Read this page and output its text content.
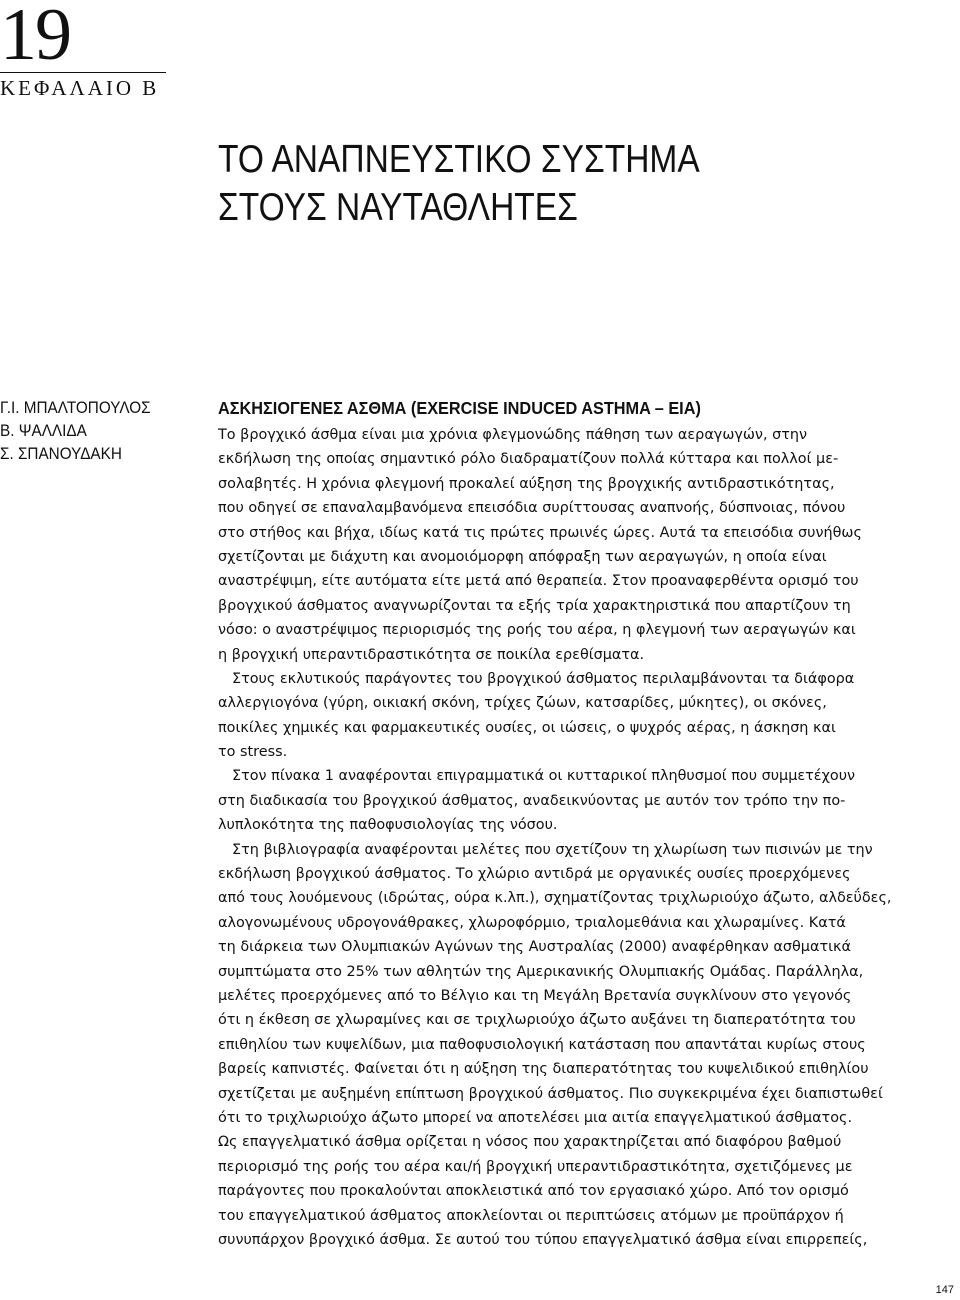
19
ΚΕΦΑΛΑΙΟ Β
ΤΟ ΑΝΑΠΝΕΥΣΤΙΚΟ ΣΥΣΤΗΜΑ
ΣΤΟΥΣ ΝΑΥΤΑΘΛΗΤΕΣ
Γ.Ι. ΜΠΑΛΤΟΠΟΥΛΟΣ
Β. ΨΑΛΛΙΔΑ
Σ. ΣΠΑΝΟΥΔΑΚΗ
ΑΣΚΗΣΙΟΓΕΝΕΣ ΑΣΘΜΑ (EXERCISE INDUCED ASTHMA – EIA)
Το βρογχικό άσθμα είναι μια χρόνια φλεγμονώδης πάθηση των αεραγωγών, στην
εκδήλωση της οποίας σημαντικό ρόλο διαδραματίζουν πολλά κύτταρα και πολλοί με-
σολαβητές. Η χρόνια φλεγμονή προκαλεί αύξηση της βρογχικής αντιδραστικότητας,
που οδηγεί σε επαναλαμβανόμενα επεισόδια συρίττουσας αναπνοής, δύσπνοιας, πόνου
στο στήθος και βήχα, ιδίως κατά τις πρώτες πρωινές ώρες. Αυτά τα επεισόδια συνήθως
σχετίζονται με διάχυτη και ανομοιόμορφη απόφραξη των αεραγωγών, η οποία είναι
αναστρέψιμη, είτε αυτόματα είτε μετά από θεραπεία. Στον προαναφερθέντα ορισμό του
βρογχικού άσθματος αναγνωρίζονται τα εξής τρία χαρακτηριστικά που απαρτίζουν τη
νόσο: ο αναστρέψιμος περιορισμός της ροής του αέρα, η φλεγμονή των αεραγωγών και
η βρογχική υπεραντιδραστικότητα σε ποικίλα ερεθίσματα.
Στους εκλυτικούς παράγοντες του βρογχικού άσθματος περιλαμβάνονται τα διάφορα
αλλεργιογόνα (γύρη, οικιακή σκόνη, τρίχες ζώων, κατσαρίδες, μύκητες), οι σκόνες,
ποικίλες χημικές και φαρμακευτικές ουσίες, οι ιώσεις, ο ψυχρός αέρας, η άσκηση και
το stress.
Στον πίνακα 1 αναφέρονται επιγραμματικά οι κυτταρικοί πληθυσμοί που συμμετέχουν
στη διαδικασία του βρογχικού άσθματος, αναδεικνύοντας με αυτόν τον τρόπο την πο-
λυπλοκότητα της παθοφυσιολογίας της νόσου.
Στη βιβλιογραφία αναφέρονται μελέτες που σχετίζουν τη χλωρίωση των πισινών με την
εκδήλωση βρογχικού άσθματος. Το χλώριο αντιδρά με οργανικές ουσίες προερχόμενες
από τους λουόμενους (ιδρώτας, ούρα κ.λπ.), σχηματίζοντας τριχλωριούχο άζωτο, αλδεΰδες,
αλογονωμένους υδρογονάθρακες, χλωροφόρμιο, τριαλομεθάνια και χλωραμίνες. Κατά
τη διάρκεια των Ολυμπιακών Αγώνων της Αυστραλίας (2000) αναφέρθηκαν ασθματικά
συμπτώματα στο 25% των αθλητών της Αμερικανικής Ολυμπιακής Ομάδας. Παράλληλα,
μελέτες προερχόμενες από το Βέλγιο και τη Μεγάλη Βρετανία συγκλίνουν στο γεγονός
ότι η έκθεση σε χλωραμίνες και σε τριχλωριούχο άζωτο αυξάνει τη διαπερατότητα του
επιθηλίου των κυψελίδων, μια παθοφυσιολογική κατάσταση που απαντάται κυρίως στους
βαρείς καπνιστές. Φαίνεται ότι η αύξηση της διαπερατότητας του κυψελιδικού επιθηλίου
σχετίζεται με αυξημένη επίπτωση βρογχικού άσθματος. Πιο συγκεκριμένα έχει διαπιστωθεί
ότι το τριχλωριούχο άζωτο μπορεί να αποτελέσει μια αιτία επαγγελματικού άσθματος.
Ως επαγγελματικό άσθμα ορίζεται η νόσος που χαρακτηρίζεται από διαφόρου βαθμού
περιορισμό της ροής του αέρα και/ή βρογχική υπεραντιδραστικότητα, σχετιζόμενες με
παράγοντες που προκαλούνται αποκλειστικά από τον εργασιακό χώρο. Από τον ορισμό
του επαγγελματικού άσθματος αποκλείονται οι περιπτώσεις ατόμων με προϋπάρχον ή
συνυπάρχον βρογχικό άσθμα. Σε αυτού του τύπου επαγγελματικό άσθμα είναι επιρρεπείς,
147
